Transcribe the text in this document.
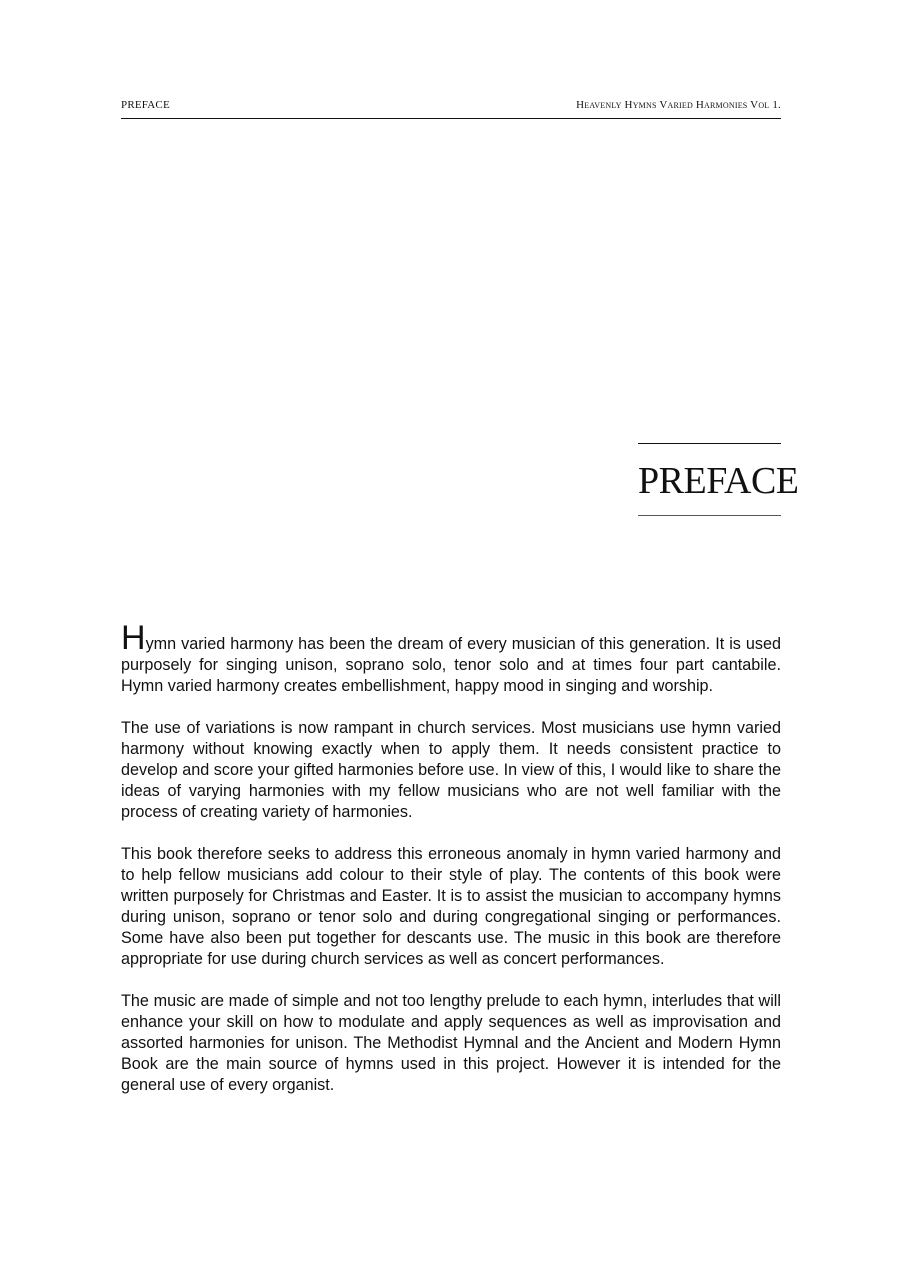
PREFACE	Heavenly Hymns Varied Harmonies Vol 1.
PREFACE

Hymn varied harmony has been the dream of every musician of this generation. It is used purposely for singing unison, soprano solo, tenor solo and at times four part cantabile. Hymn varied harmony creates embellishment, happy mood in singing and worship.

The use of variations is now rampant in church services. Most musicians use hymn varied harmony without knowing exactly when to apply them. It needs consistent practice to develop and score your gifted harmonies before use. In view of this, I would like to share the ideas of varying harmonies with my fellow musicians who are not well familiar with the process of creating variety of harmonies.

This book therefore seeks to address this erroneous anomaly in hymn varied harmony and to help fellow musicians add colour to their style of play. The contents of this book were written purposely for Christmas and Easter. It is to assist the musician to accompany hymns during unison, soprano or tenor solo and during congregational singing or performances. Some have also been put together for descants use. The music in this book are therefore appropriate for use during church services as well as concert performances.

The music are made of simple and not too lengthy prelude to each hymn, interludes that will enhance your skill on how to modulate and apply sequences as well as improvisation and assorted harmonies for unison. The Methodist Hymnal and the Ancient and Modern Hymn Book are the main source of hymns used in this project. However it is intended for the general use of every organist.
